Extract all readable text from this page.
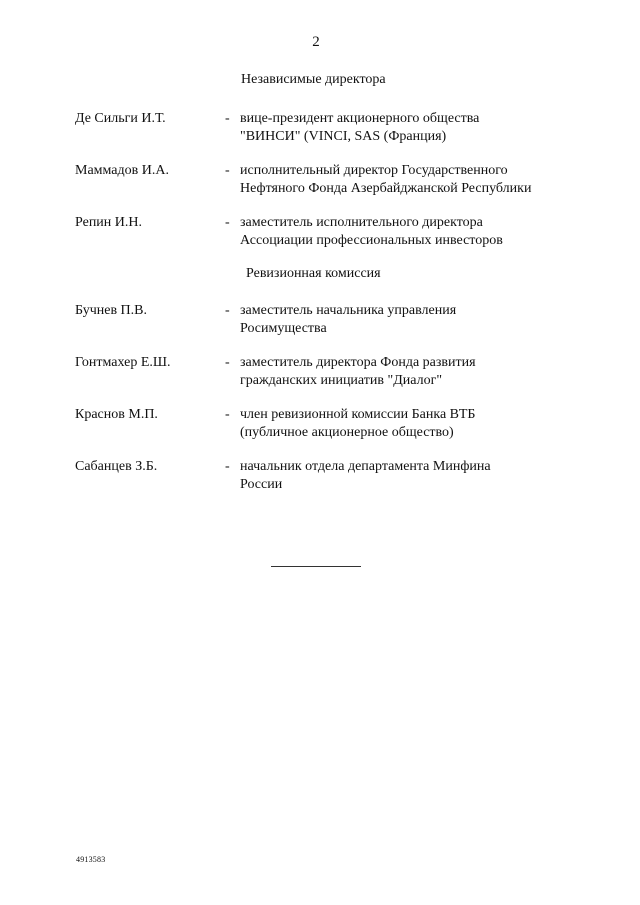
2
Независимые директора
Де Сильги И.Т.	- вице-президент акционерного общества
"ВИНСИ" (VINCI, SAS (Франция)
Маммадов И.А.	- исполнительный директор Государственного
Нефтяного Фонда Азербайджанской Республики
Репин И.Н.	- заместитель исполнительного директора
Ассоциации профессиональных инвесторов
Ревизионная комиссия
Бучнев П.В.	- заместитель начальника управления
Росимущества
Гонтмахер Е.Ш.	- заместитель директора Фонда развития
гражданских инициатив "Диалог"
Краснов М.П.	- член ревизионной комиссии Банка ВТБ
(публичное акционерное общество)
Сабанцев З.Б.	- начальник отдела департамента Минфина
России
4913583
